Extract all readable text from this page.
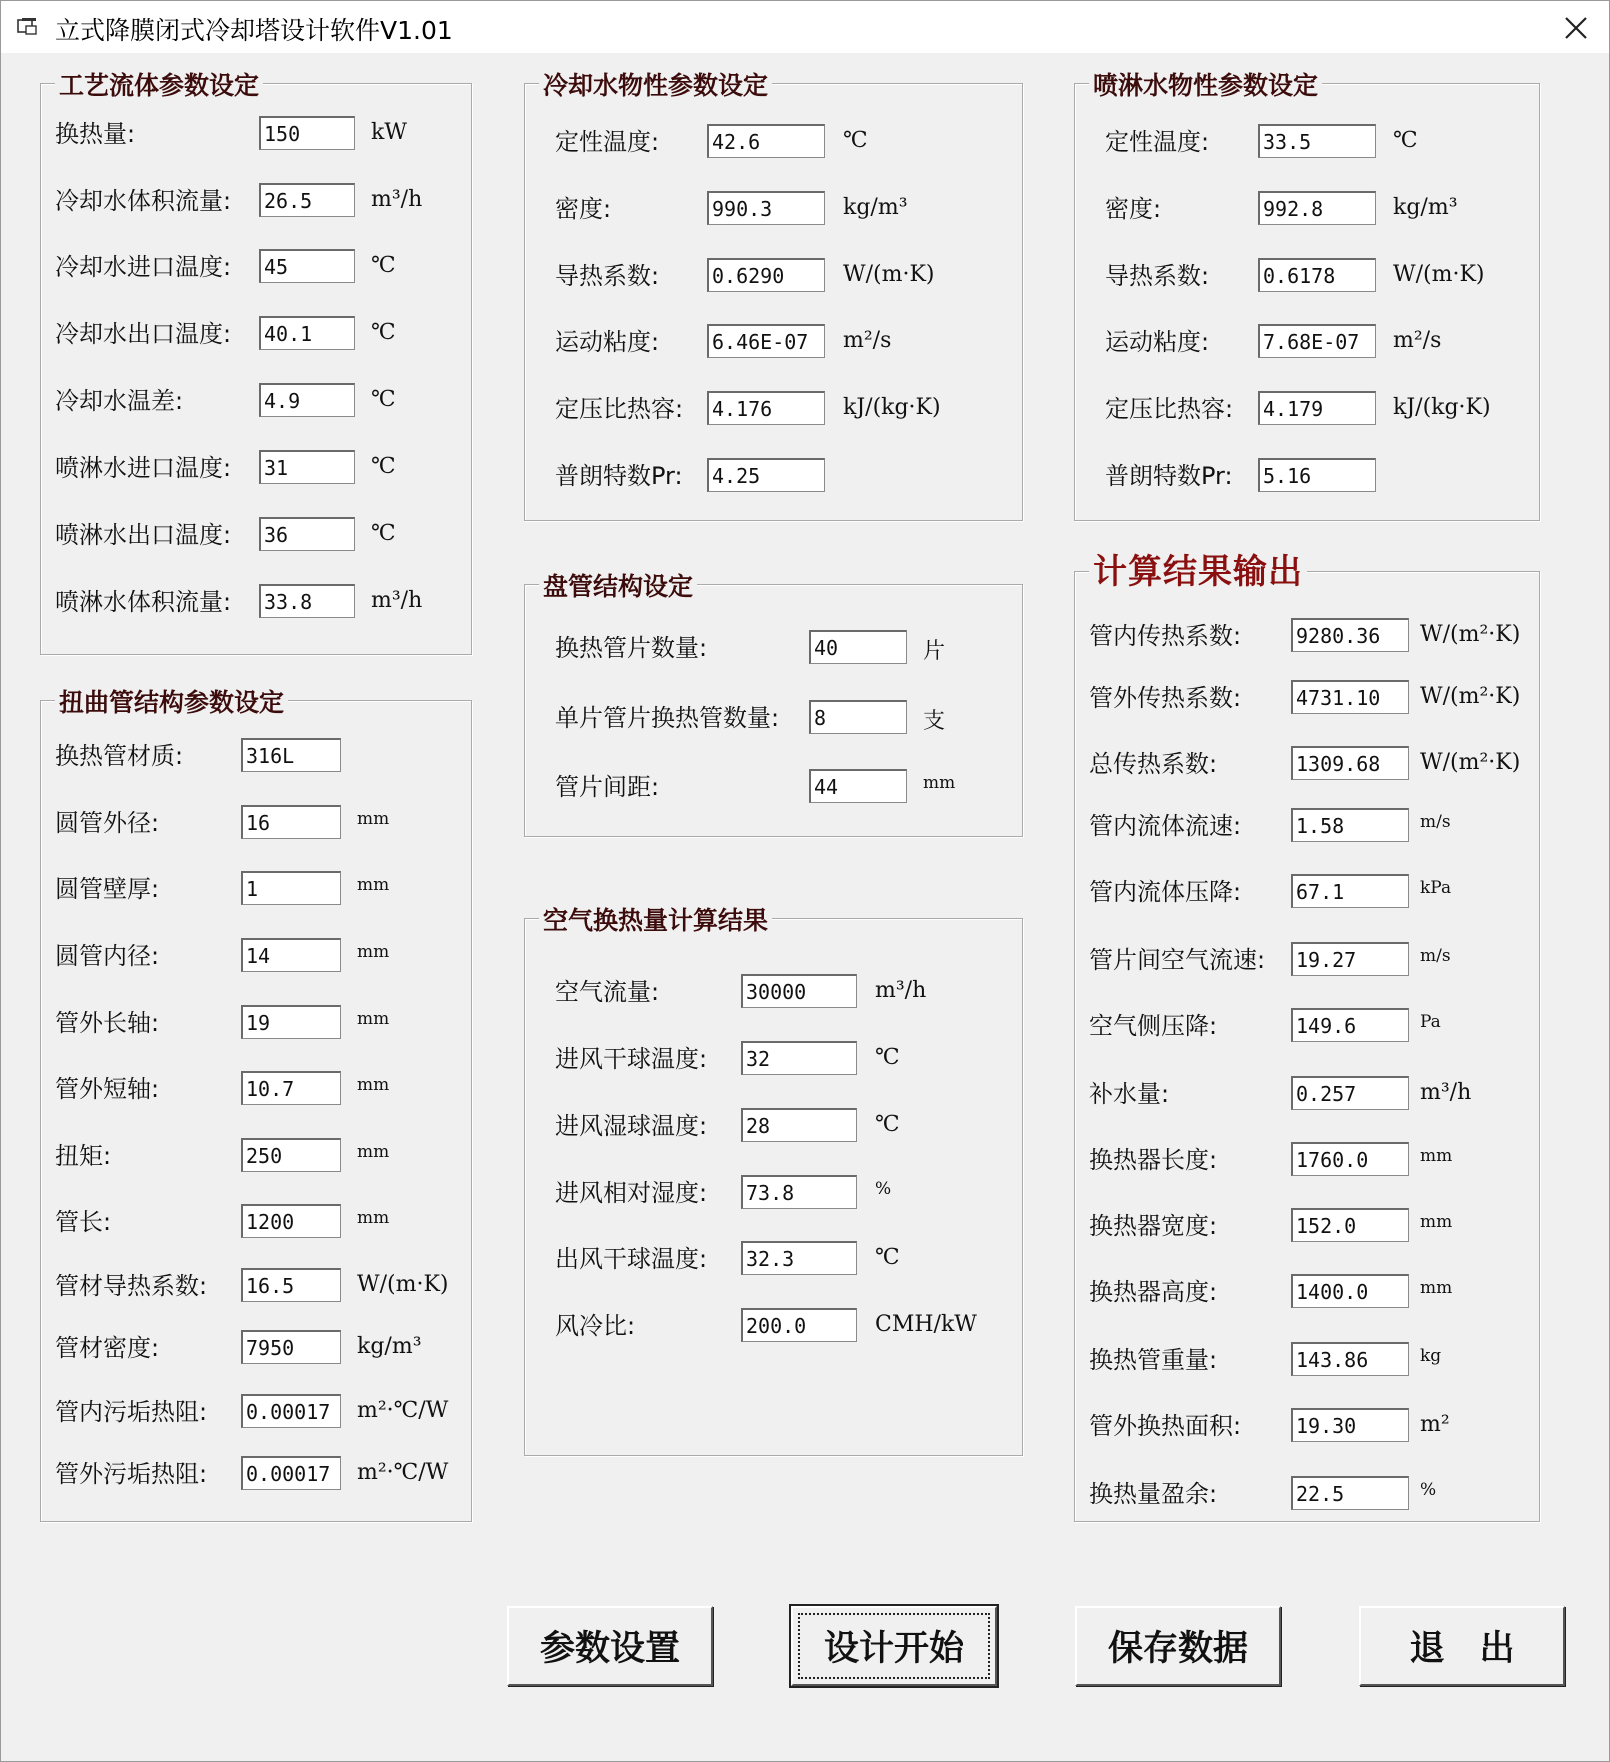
立式降膜闭式冷却塔设计软件V1.01
工艺流体参数设定
换热量:	150	kW
冷却水体积流量: 26.5	m³/h
冷却水进口温度: 45	℃
冷却水出口温度: 40.1	℃
冷却水温差:	4.9	℃
喷淋水进口温度: 31	℃
喷淋水出口温度: 36	℃
喷淋水体积流量: 33.8	m³/h
扭曲管结构参数设定
换热管材质:	316L
圆管外径:	16	mm
圆管壁厚:	1	mm
圆管内径:	14	mm
管外长轴:	19	mm
管外短轴:	10.7	mm
扭矩:	250	mm
管长:	1200	mm
管材导热系数: 16.5	W/(m·K)
管材密度:	7950	kg/m³
管内污垢热阻: 0.00017	m²·℃/W
管外污垢热阻: 0.00017	m²·℃/W
冷却水物性参数设定
定性温度:	42.6	℃
密度:	990.3	kg/m³
导热系数:	0.6290	W/(m·K)
运动粘度:	6.46E-07	m²/s
定压比热容: 4.176	kJ/(kg·K)
普朗特数Pr: 4.25
盘管结构设定
换热管片数量:	40	片
单片管片换热管数量: 8	支
管片间距:	44	mm
空气换热量计算结果
空气流量:	30000	m³/h
进风干球温度: 32	℃
进风湿球温度: 28	℃
进风相对湿度: 73.8	%
出风干球温度: 32.3	℃
风冷比:	200.0	CMH/kW
喷淋水物性参数设定
定性温度:	33.5	℃
密度:	992.8	kg/m³
导热系数:	0.6178	W/(m·K)
运动粘度:	7.68E-07	m²/s
定压比热容: 4.179	kJ/(kg·K)
普朗特数Pr: 5.16
计算结果输出
管内传热系数:	9280.36	W/(m²·K)
管外传热系数:	4731.10	W/(m²·K)
总传热系数:	1309.68	W/(m²·K)
管内流体流速:	1.58	m/s
管内流体压降:	67.1	kPa
管片间空气流速: 19.27	m/s
空气侧压降:	149.6	Pa
补水量:	0.257	m³/h
换热器长度:	1760.0	mm
换热器宽度:	152.0	mm
换热器高度:	1400.0	mm
换热管重量:	143.86	kg
管外换热面积:	19.30	m²
换热量盈余:	22.5	%
参数设置	设计开始	保存数据	退　出
